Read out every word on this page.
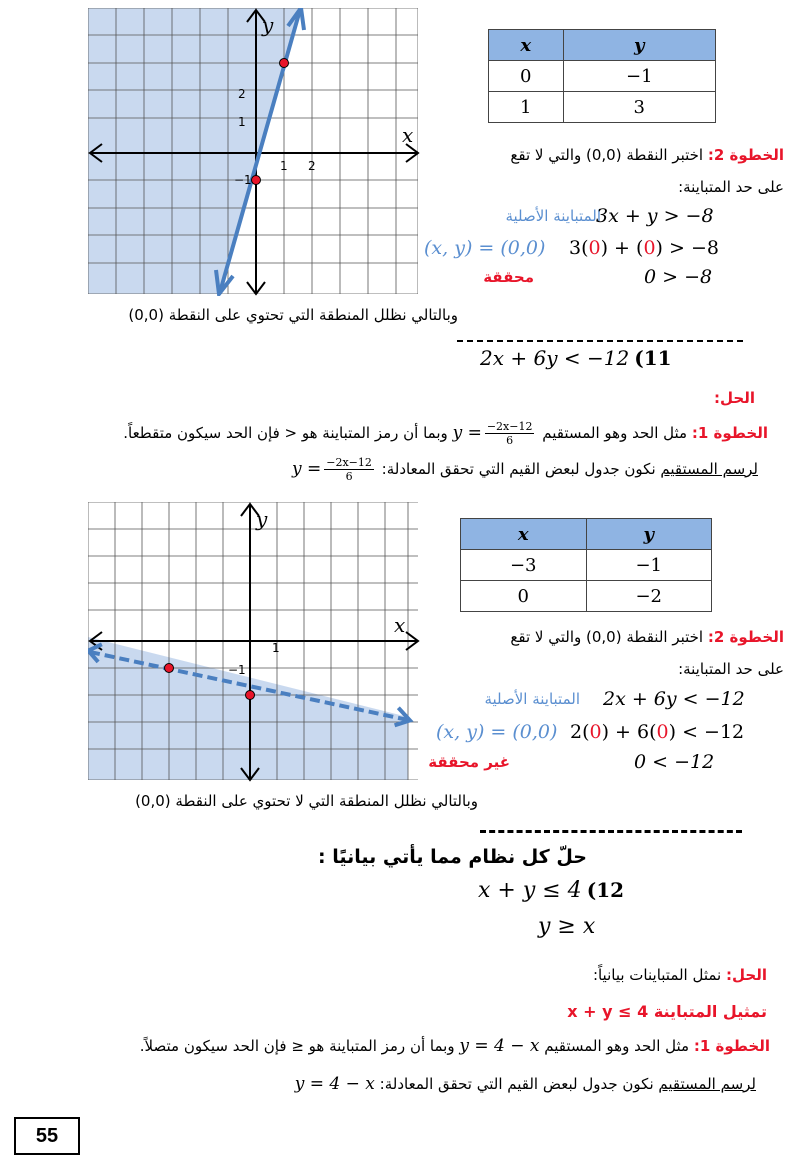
y
x
2
1
−1
1 2
x	y
0	−1
1	3
الخطوة 2: اختبر النقطة (0,0) والتي لا تقع
على حد المتباينة:
المتباينة الأصلية
3x + y > −8
(x, y) = (0,0) 3(0) + (0) > −8
محققة	0 > −8
وبالتالي نظلل المنطقة التي تحتوي على النقطة (0,0)
2x + 6y < −12 (11
الحل:
الخطوة 1: مثل الحد وهو المستقيم $y = \frac{-2x-12}{6}$
وبما أن رمز المتباينة هو < فإن الحد سيكون متقطعاً.
لرسم المستقيم نكون جدول لبعض القيم التي تحقق المعادلة: $y = \frac{-2x-12}{6}$
y
x
1
−1
x	y
−3	−1
0	−2
الخطوة 2: اختبر النقطة (0,0) والتي لا تقع
على حد المتباينة:
المتباينة الأصلية 2x + 6y < −12
(x, y) = (0,0) 2(0) + 6(0) < −12
غير محققة	0 < −12
وبالتالي نظلل المنطقة التي لا تحتوي على النقطة (0,0)
حلّ كل نظام مما يأتي بيانيًا :
x + y ≤ 4 (12
y ≥ x
الحل: نمثل المتباينات بيانياً:
تمثيل المتباينة x + y ≤ 4
الخطوة 1: مثل الحد وهو المستقيم y = 4 − x وبما أن رمز المتباينة هو ≤ فإن الحد سيكون متصلاً.
لرسم المستقيم نكون جدول لبعض القيم التي تحقق المعادلة: y = 4 − x
55
